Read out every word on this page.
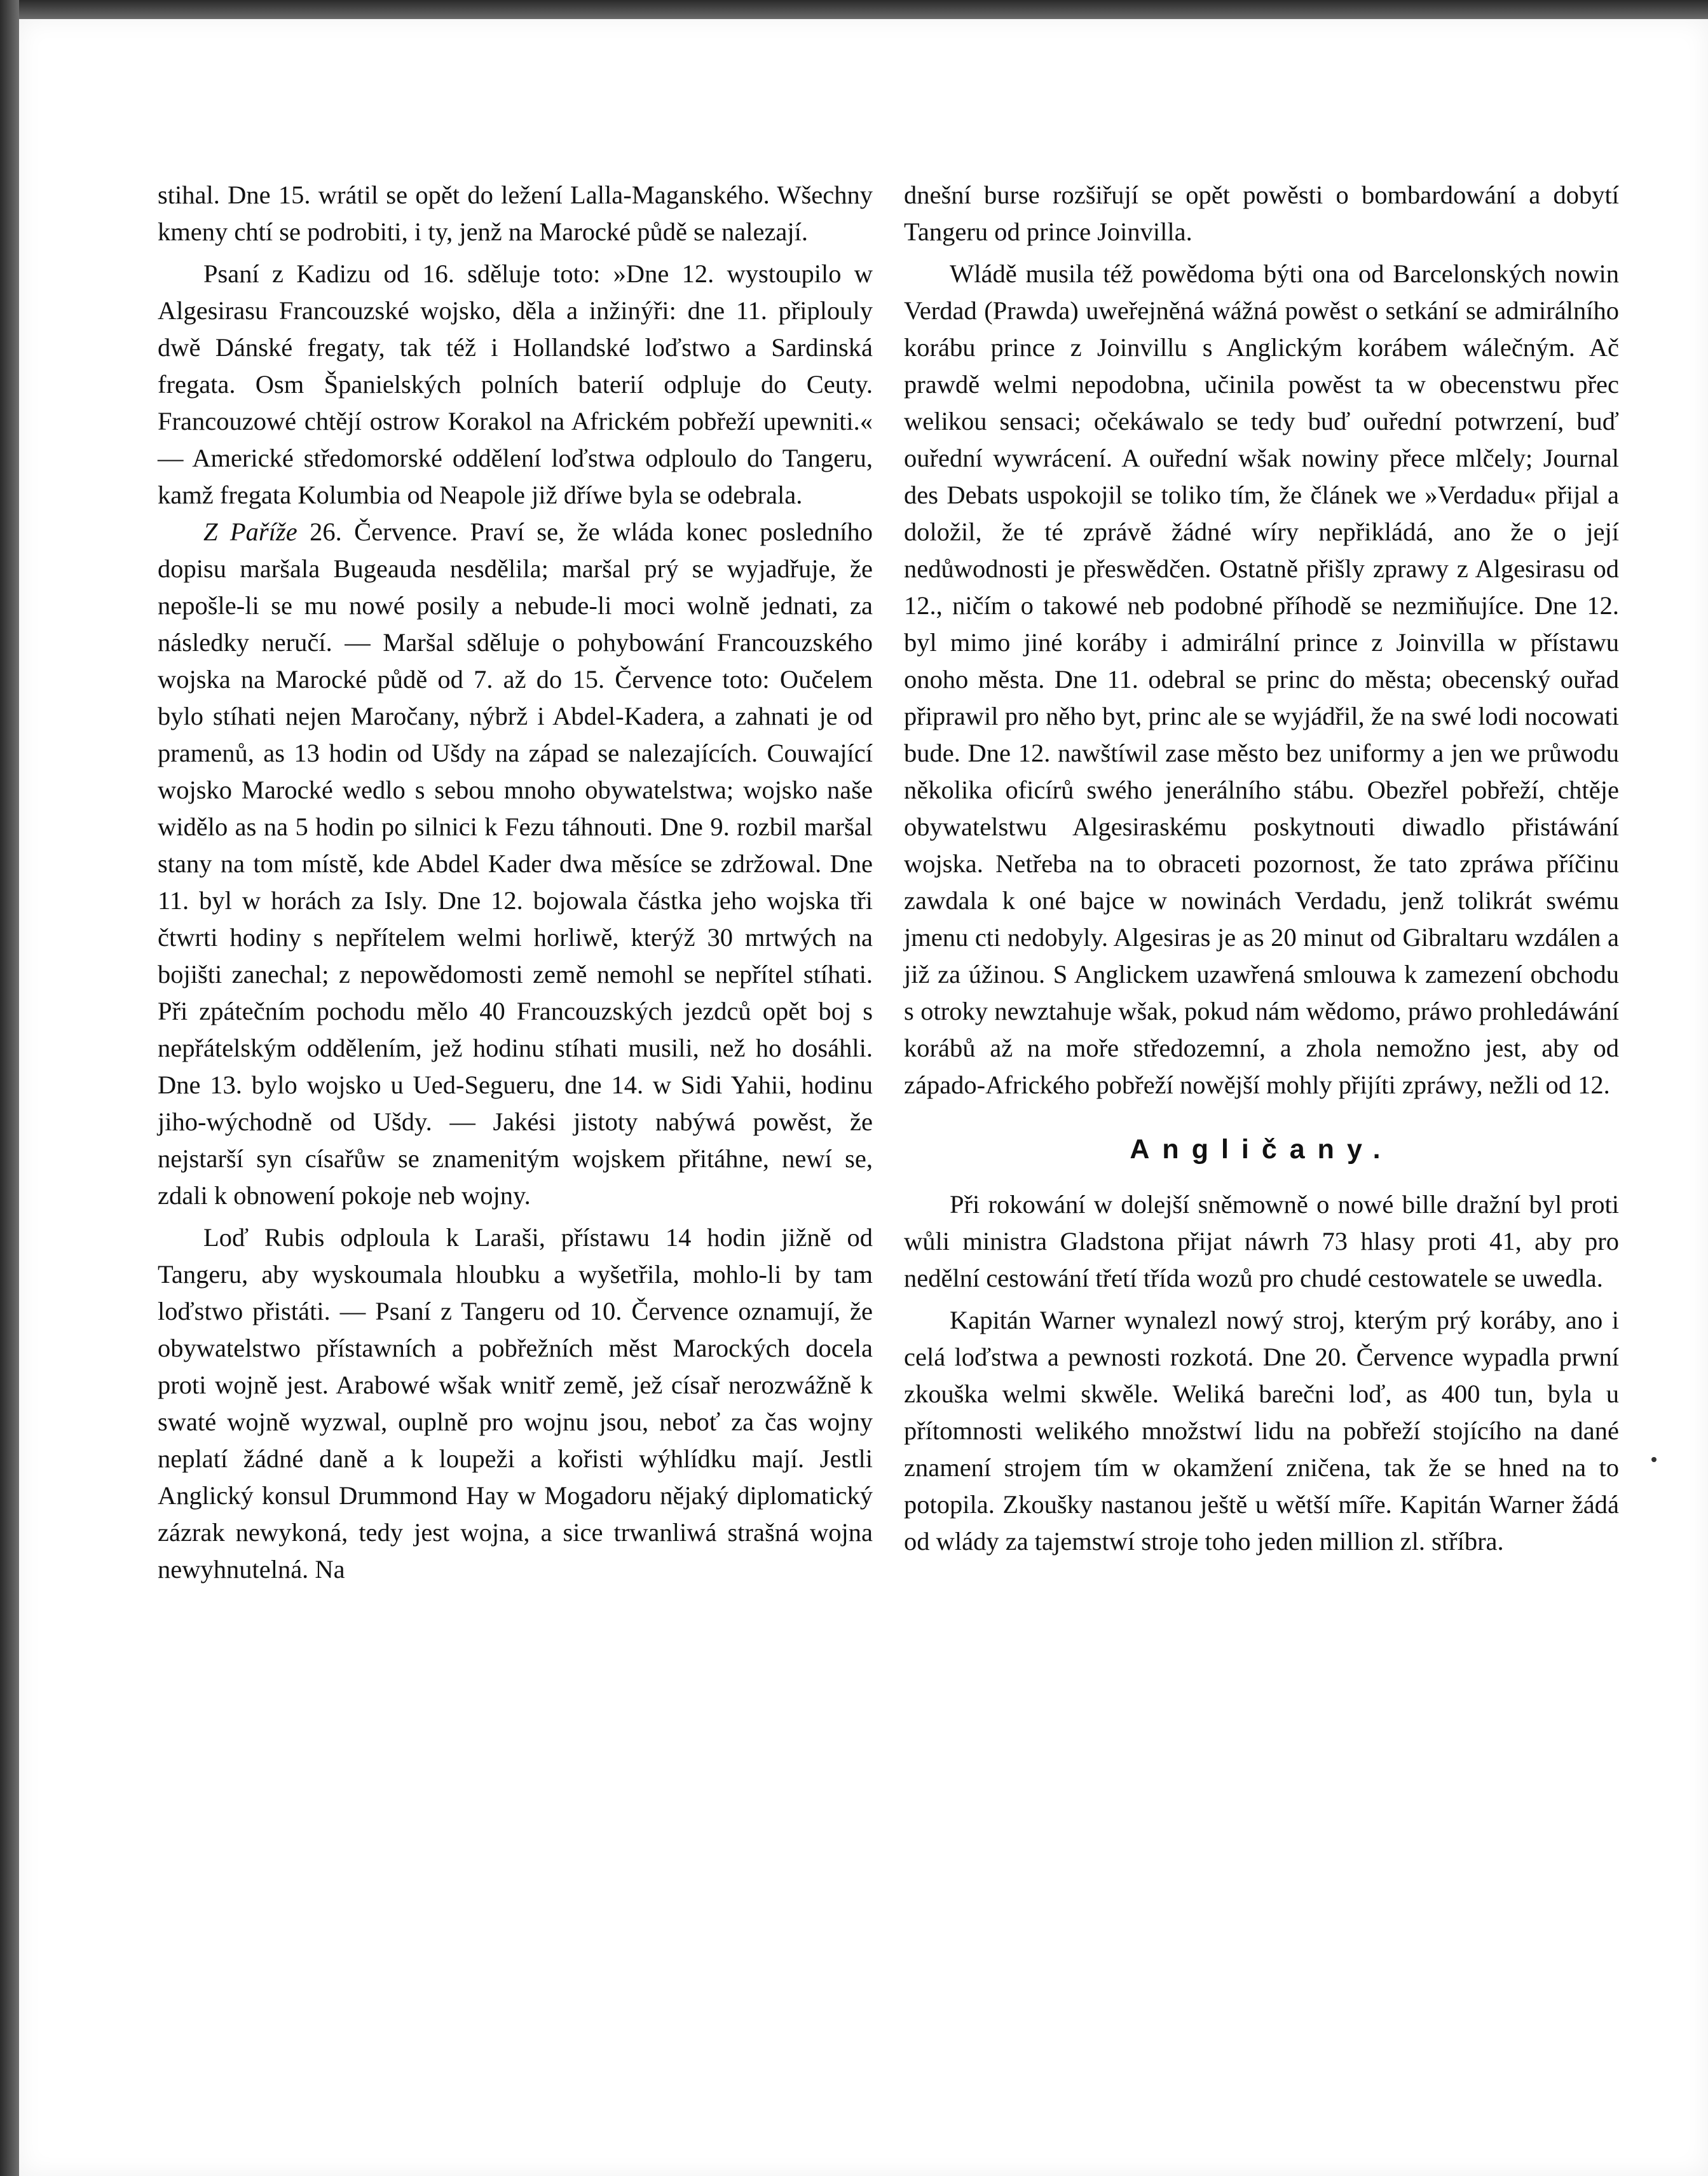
stihal. Dne 15. wrátil se opět do ležení Lalla-Maganského. Wšechny kmeny chtí se podrobiti, i ty, jenž na Marocké půdě se nalezají.

Psaní z Kadizu od 16. sděluje toto: »Dne 12. wystoupilo w Algesirasu Francouzské wojsko, děla a inžinýři: dne 11. připlouly dwě Dánské fregaty, tak též i Hollandské loďstwo a Sardinská fregata. Osm Španielských polních baterií odpluje do Ceuty. Francouzowé chtějí ostrow Korakol na Africkém pobřeží upewniti.« — Americké středomorské oddělení loďstwa odploulo do Tangeru, kamž fregata Kolumbia od Neapole již dříwe byla se odebrala.

Z Paříže 26. Července. Praví se, že wláda konec posledního dopisu maršala Bugeauda nesdělila; maršal prý se wyjadřuje, že nepošle-li se mu nowé posily a nebude-li moci wolně jednati, za následky neručí. — Maršal sděluje o pohybowání Francouzského wojska na Marocké půdě od 7. až do 15. Července toto: Oučelem bylo stíhati nejen Maročany, nýbrž i Abdel-Kadera, a zahnati je od pramenů, as 13 hodin od Ušdy na západ se nalezajících. Couwající wojsko Marocké wedlo s sebou mnoho obywatelstwa; wojsko naše widělo as na 5 hodin po silnici k Fezu táhnouti. Dne 9. rozbil maršal stany na tom místě, kde Abdel Kader dwa měsíce se zdržowal. Dne 11. byl w horách za Isly. Dne 12. bojowala částka jeho wojska tři čtwrti hodiny s nepřítelem welmi horliwě, kterýž 30 mrtwých na bojišti zanechal; z nepowědomosti země nemohl se nepřítel stíhati. Při zpátečním pochodu mělo 40 Francouzských jezdců opět boj s nepřátelským oddělením, jež hodinu stíhati musili, než ho dosáhli. Dne 13. bylo wojsko u Ued-Segueru, dne 14. w Sidi Yahii, hodinu jiho-wýchodně od Ušdy. — Jakési jistoty nabýwá powěst, že nejstarší syn císařůw se znamenitým wojskem přitáhne, newí se, zdali k obnowení pokoje neb wojny.

Loď Rubis odploula k Laraši, přístawu 14 hodin jižně od Tangeru, aby wyskoumala hloubku a wyšetřila, mohlo-li by tam loďstwo přistáti. — Psaní z Tangeru od 10. Července oznamují, že obywatelstwo přístawních a pobřežních měst Marockých docela proti wojně jest. Arabowé wšak wnitř země, jež císař nerozwážně k swaté wojně wyzwal, ouplně pro wojnu jsou, neboť za čas wojny neplatí žádné daně a k loupeži a kořisti wýhlídku mají. Jestli Anglický konsul Drummond Hay w Mogadoru nějaký diplomatický zázrak newykoná, tedy jest wojna, a sice trwanliwá strašná wojna newyhnutelná. Na

dnešní burse rozšiřují se opět powěsti o bombardowání a dobytí Tangeru od prince Joinvilla.

Wládě musila též powědoma býti ona od Barcelonských nowin Verdad (Prawda) uweřejněná wážná powěst o setkání se admirálního korábu prince z Joinvillu s Anglickým korábem wálečným. Ač prawdě welmi nepodobna, učinila powěst ta w obecenstwu přec welikou sensaci; očekáwalo se tedy buď ouřední potwrzení, buď ouřední wywrácení. A ouřední wšak nowiny přece mlčely; Journal des Debats uspokojil se toliko tím, že článek we »Verdadu« přijal a doložil, že té zprávě žádné wíry nepřikládá, ano že o její nedůwodnosti je přeswědčen. Ostatně přišly zprawy z Algesirasu od 12., ničím o takowé neb podobné příhodě se nezmiňujíce. Dne 12. byl mimo jiné koráby i admirální prince z Joinvilla w přístawu onoho města. Dne 11. odebral se princ do města; obecenský ouřad připrawil pro něho byt, princ ale se wyjádřil, že na swé lodi nocowati bude. Dne 12. nawštíwil zase město bez uniformy a jen we průwodu několika oficírů swého jenerálního stábu. Obezřel pobřeží, chtěje obywatelstwu Algesiraskému poskytnouti diwadlo přistáwání wojska. Netřeba na to obraceti pozornost, že tato zpráwa příčinu zawdala k oné bajce w nowinách Verdadu, jenž tolikrát swému jmenu cti nedobyly. Algesiras je as 20 minut od Gibraltaru wzdálen a již za úžinou. S Anglickem uzawřená smlouwa k zamezení obchodu s otroky newztahuje wšak, pokud nám wědomo, práwo prohledáwání korábů až na moře středozemní, a zhola nemožno jest, aby od západo-Afrického pobřeží nowější mohly přijíti zpráwy, nežli od 12.

Angličany.

Při rokowání w dolejší sněmowně o nowé bille dražní byl proti wůli ministra Gladstona přijat náwrh 73 hlasy proti 41, aby pro nedělní cestowání třetí třída wozů pro chudé cestowatele se uwedla.

Kapitán Warner wynalezl nowý stroj, kterým prý koráby, ano i celá loďstwa a pewnosti rozkotá. Dne 20. Července wypadla prwní zkouška welmi skwěle. Weliká barečni loď, as 400 tun, byla u přítomnosti welikého množstwí lidu na pobřeží stojícího na dané znamení strojem tím w okamžení zničena, tak že se hned na to potopila. Zkoušky nastanou ještě u wětší míře. Kapitán Warner žádá od wlády za tajemstwí stroje toho jeden million zl. stříbra.
